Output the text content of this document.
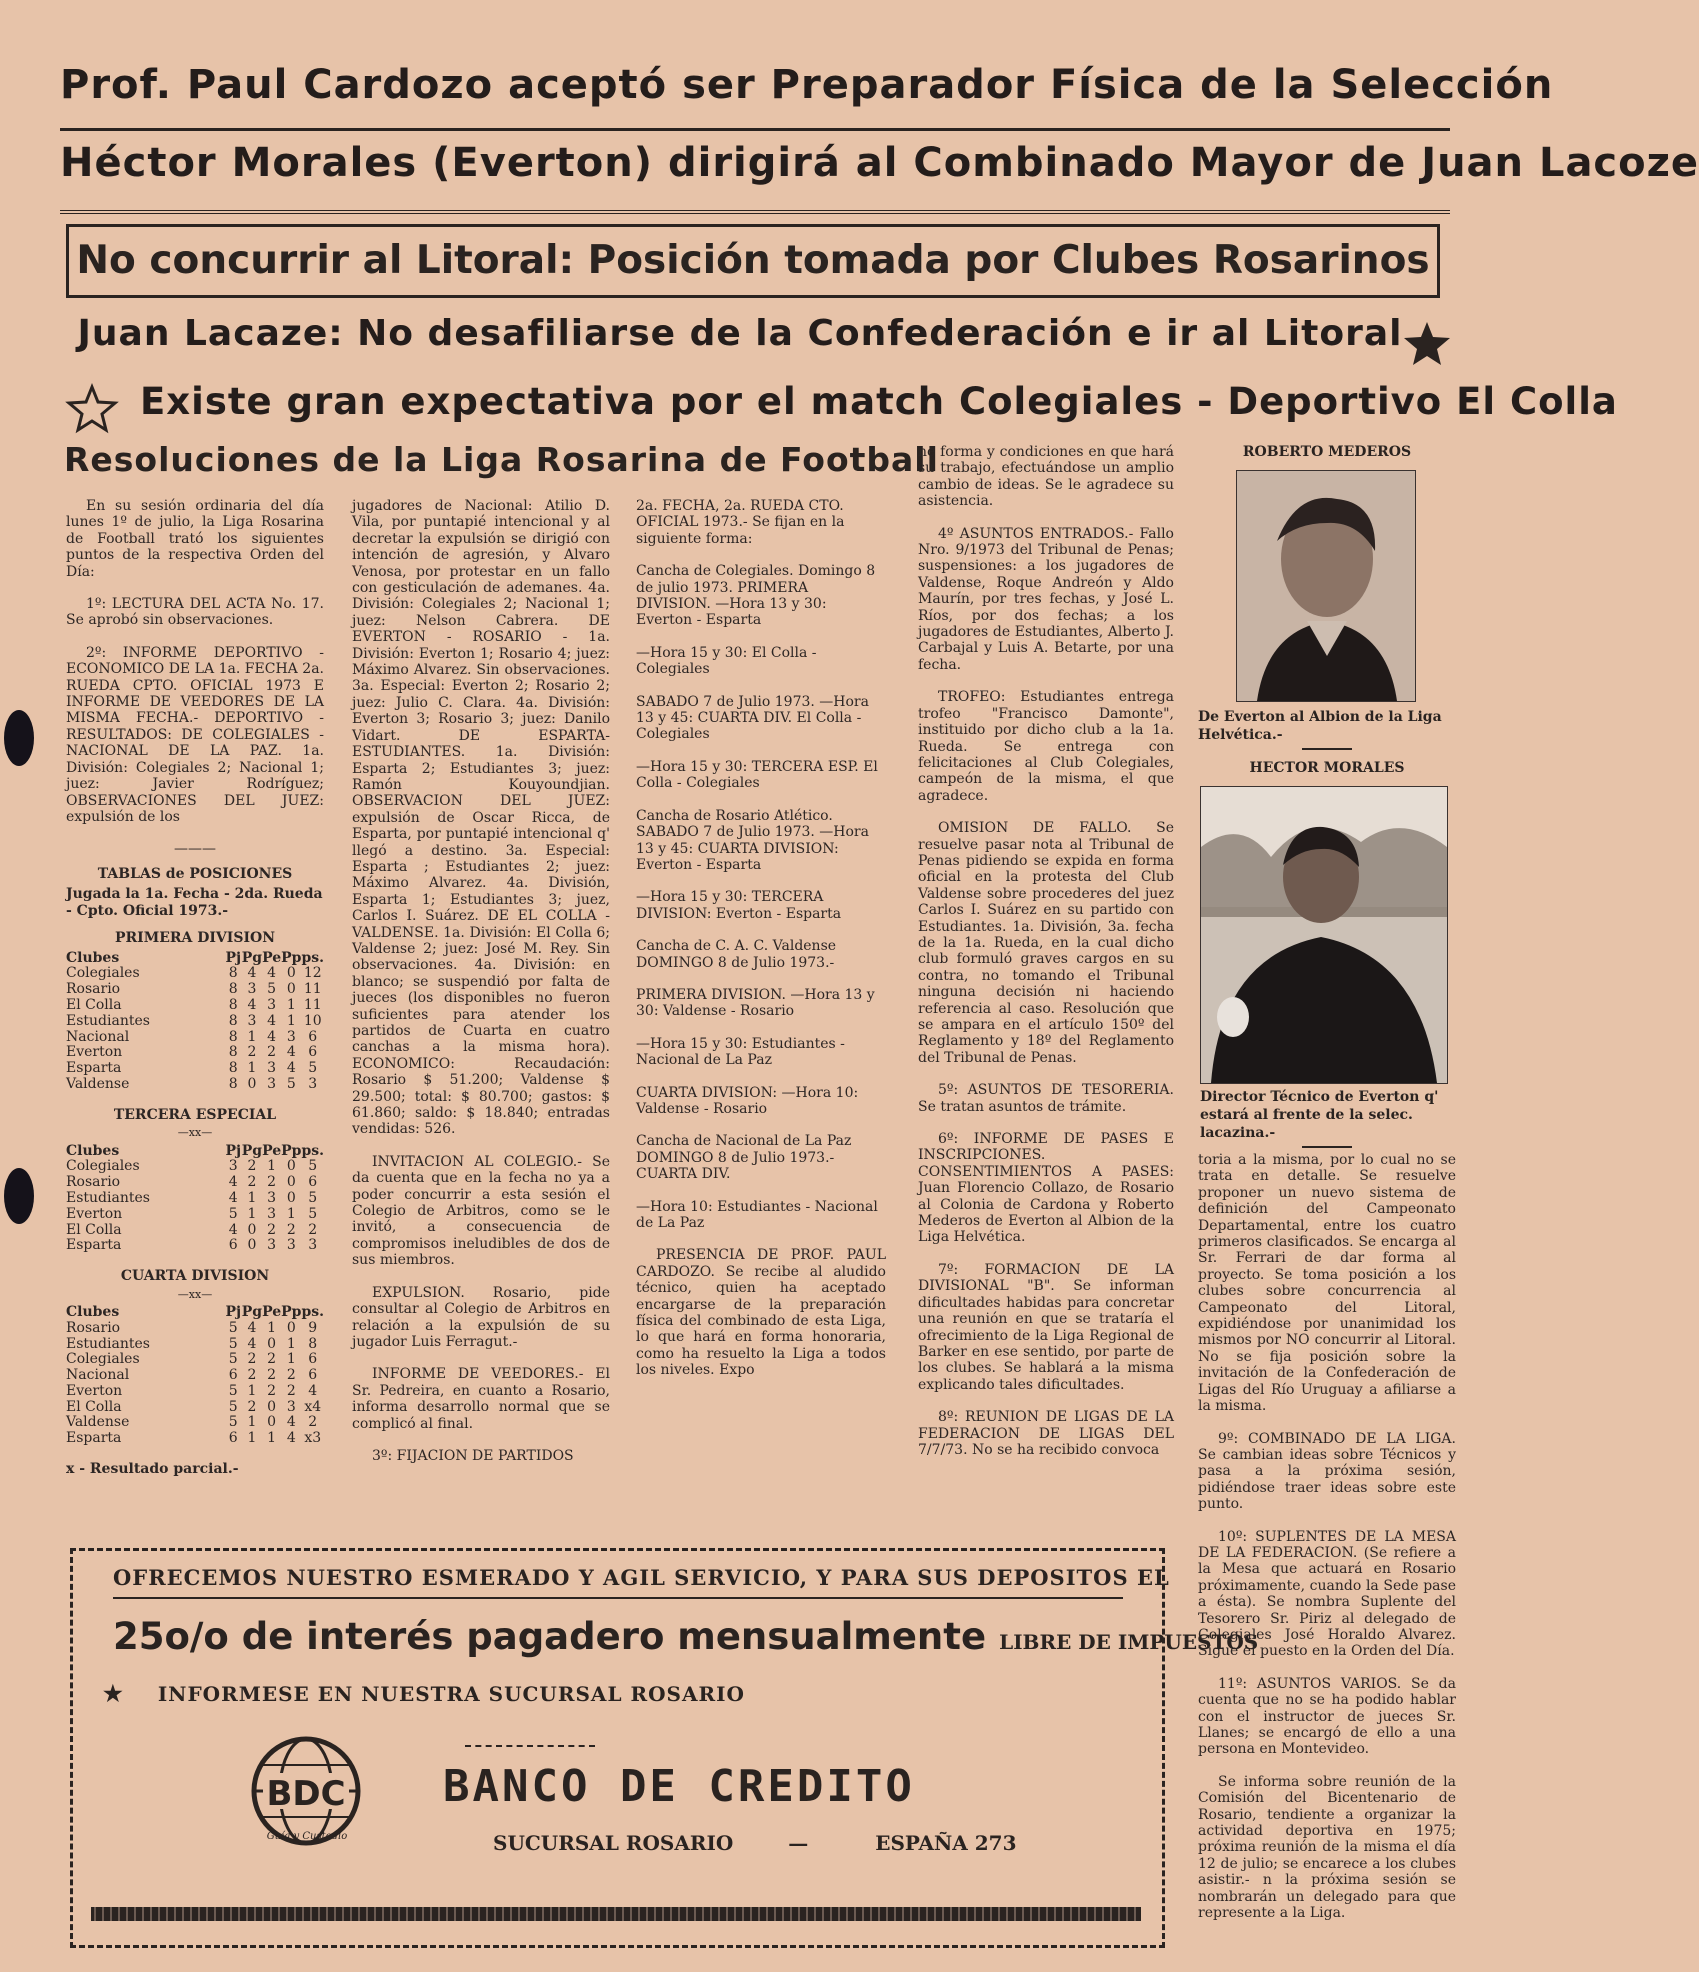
Prof. Paul Cardozo aceptó ser Preparador Física de la Selección
Héctor Morales (Everton) dirigirá al Combinado Mayor de Juan Lacoze
No concurrir al Litoral: Posición tomada por Clubes Rosarinos
Juan Lacaze: No desafiliarse de la Confederación e ir al Litoral
Existe gran expectativa por el match Colegiales - Deportivo El Colla
Resoluciones de la Liga Rosarina de Football

En su sesión ordinaria del día lunes 1º de julio, la Liga Rosarina de Football trató los siguientes puntos de la respectiva Orden del Día:

1º: LECTURA DEL ACTA No. 17. Se aprobó sin observaciones.

2º: INFORME DEPORTIVO - ECONOMICO DE LA 1a. FECHA 2a. RUEDA CPTO. OFICIAL 1973 E INFORME DE VEEDORES DE LA MISMA FECHA.- DEPORTIVO - RESULTADOS: DE COLEGIALES - NACIONAL DE LA PAZ. 1a. División: Colegiales 2; Nacional 1; juez: Javier Rodríguez; OBSERVACIONES DEL JUEZ: expulsión de los

———
TABLAS de POSICIONES
Jugada la 1a. Fecha - 2da. Rueda - Cpto. Oficial 1973.-
PRIMERA DIVISION
Clubes	Pj	Pg	Pe	Pp	ps.
Colegiales	8	4	4	0	12
Rosario	8	3	5	0	11
El Colla	8	4	3	1	11
Estudiantes	8	3	4	1	10
Nacional	8	1	4	3	6
Everton	8	2	2	4	6
Esparta	8	1	3	4	5
Valdense	8	0	3	5	3
TERCERA ESPECIAL
—xx—
Clubes	Pj	Pg	Pe	Pp	ps.
Colegiales	3	2	1	0	5
Rosario	4	2	2	0	6
Estudiantes	4	1	3	0	5
Everton	5	1	3	1	5
El Colla	4	0	2	2	2
Esparta	6	0	3	3	3
CUARTA DIVISION
—xx—
Clubes	Pj	Pg	Pe	Pp	ps.
Rosario	5	4	1	0	9
Estudiantes	5	4	0	1	8
Colegiales	5	2	2	1	6
Nacional	6	2	2	2	6
Everton	5	1	2	2	4
El Colla	5	2	0	3	x4
Valdense	5	1	0	4	2
Esparta	6	1	1	4	x3
x - Resultado parcial.-

jugadores de Nacional: Atilio D. Vila, por puntapié intencional y al decretar la expulsión se dirigió con intención de agresión, y Alvaro Venosa, por protestar en un fallo con gesticulación de ademanes. 4a. División: Colegiales 2; Nacional 1; juez: Nelson Cabrera. DE EVERTON - ROSARIO - 1a. División: Everton 1; Rosario 4; juez: Máximo Alvarez. Sin observaciones. 3a. Especial: Everton 2; Rosario 2; juez: Julio C. Clara. 4a. División: Everton 3; Rosario 3; juez: Danilo Vidart. DE ESPARTA- ESTUDIANTES. 1a. División: Esparta 2; Estudiantes 3; juez: Ramón Kouyoundjian. OBSERVACION DEL JUEZ: expulsión de Oscar Ricca, de Esparta, por puntapié intencional q' llegó a destino. 3a. Especial: Esparta ; Estudiantes 2; juez: Máximo Alvarez. 4a. División, Esparta 1; Estudiantes 3; juez, Carlos I. Suárez. DE EL COLLA - VALDENSE. 1a. División: El Colla 6; Valdense 2; juez: José M. Rey. Sin observaciones. 4a. División: en blanco; se suspendió por falta de jueces (los disponibles no fueron suficientes para atender los partidos de Cuarta en cuatro canchas a la misma hora). ECONOMICO: Recaudación: Rosario $ 51.200; Valdense $ 29.500; total: $ 80.700; gastos: $ 61.860; saldo: $ 18.840; entradas vendidas: 526.

INVITACION AL COLEGIO.- Se da cuenta que en la fecha no ya a poder concurrir a esta sesión el Colegio de Arbitros, como se le invitó, a consecuencia de compromisos ineludibles de dos de sus miembros.

EXPULSION. Rosario, pide consultar al Colegio de Arbitros en relación a la expulsión de su jugador Luis Ferragut.-

INFORME DE VEEDORES.- El Sr. Pedreira, en cuanto a Rosario, informa desarrollo normal que se complicó al final.

3º: FIJACION DE PARTIDOS

2a. FECHA, 2a. RUEDA CTO. OFICIAL 1973.- Se fijan en la siguiente forma:

Cancha de Colegiales. Domingo 8 de julio 1973. PRIMERA DIVISION. —Hora 13 y 30: Everton - Esparta

—Hora 15 y 30: El Colla - Colegiales

SABADO 7 de Julio 1973. —Hora 13 y 45: CUARTA DIV. El Colla - Colegiales

—Hora 15 y 30: TERCERA ESP. El Colla - Colegiales

Cancha de Rosario Atlético. SABADO 7 de Julio 1973. —Hora 13 y 45: CUARTA DIVISION: Everton - Esparta

—Hora 15 y 30: TERCERA DIVISION: Everton - Esparta

Cancha de C. A. C. Valdense DOMINGO 8 de Julio 1973.-

PRIMERA DIVISION. —Hora 13 y 30: Valdense - Rosario

—Hora 15 y 30: Estudiantes - Nacional de La Paz

CUARTA DIVISION: —Hora 10: Valdense - Rosario

Cancha de Nacional de La Paz DOMINGO 8 de Julio 1973.- CUARTA DIV.

—Hora 10: Estudiantes - Nacional de La Paz

PRESENCIA DE PROF. PAUL CARDOZO. Se recibe al aludido técnico, quien ha aceptado encargarse de la preparación física del combinado de esta Liga, lo que hará en forma honoraria, como ha resuelto la Liga a todos los niveles. Expo

ne forma y condiciones en que hará su trabajo, efectuándose un amplio cambio de ideas. Se le agradece su asistencia.

4º ASUNTOS ENTRADOS.- Fallo Nro. 9/1973 del Tribunal de Penas; suspensiones: a los jugadores de Valdense, Roque Andreón y Aldo Maurín, por tres fechas, y José L. Ríos, por dos fechas; a los jugadores de Estudiantes, Alberto J. Carbajal y Luis A. Betarte, por una fecha.

TROFEO: Estudiantes entrega trofeo "Francisco Damonte", instituido por dicho club a la 1a. Rueda. Se entrega con felicitaciones al Club Colegiales, campeón de la misma, el que agradece.

OMISION DE FALLO. Se resuelve pasar nota al Tribunal de Penas pidiendo se expida en forma oficial en la protesta del Club Valdense sobre procederes del juez Carlos I. Suárez en su partido con Estudiantes. 1a. División, 3a. fecha de la 1a. Rueda, en la cual dicho club formuló graves cargos en su contra, no tomando el Tribunal ninguna decisión ni haciendo referencia al caso. Resolución que se ampara en el artículo 150º del Reglamento y 18º del Reglamento del Tribunal de Penas.

5º: ASUNTOS DE TESORERIA. Se tratan asuntos de trámite.

6º: INFORME DE PASES E INSCRIPCIONES. CONSENTIMIENTOS A PASES: Juan Florencio Collazo, de Rosario al Colonia de Cardona y Roberto Mederos de Everton al Albion de la Liga Helvética.

7º: FORMACION DE LA DIVISIONAL "B". Se informan dificultades habidas para concretar una reunión en que se trataría el ofrecimiento de la Liga Regional de Barker en ese sentido, por parte de los clubes. Se hablará a la misma explicando tales dificultades.

8º: REUNION DE LIGAS DE LA FEDERACION DE LIGAS DEL 7/7/73. No se ha recibido convoca

ROBERTO MEDEROS
De Everton al Albion de la Liga Helvética.-
HECTOR MORALES
Director Técnico de Everton q' estará al frente de la selec. lacazina.-

toria a la misma, por lo cual no se trata en detalle. Se resuelve proponer un nuevo sistema de definición del Campeonato Departamental, entre los cuatro primeros clasificados. Se encarga al Sr. Ferrari de dar forma al proyecto. Se toma posición a los clubes sobre concurrencia al Campeonato del Litoral, expidiéndose por unanimidad los mismos por NO concurrir al Litoral. No se fija posición sobre la invitación de la Confederación de Ligas del Río Uruguay a afiliarse a la misma.

9º: COMBINADO DE LA LIGA. Se cambian ideas sobre Técnicos y pasa a la próxima sesión, pidiéndose traer ideas sobre este punto.

10º: SUPLENTES DE LA MESA DE LA FEDERACION. (Se refiere a la Mesa que actuará en Rosario próximamente, cuando la Sede pase a ésta). Se nombra Suplente del Tesorero Sr. Piriz al delegado de Colegiales José Horaldo Alvarez. Sigue el puesto en la Orden del Día.

11º: ASUNTOS VARIOS. Se da cuenta que no se ha podido hablar con el instructor de jueces Sr. Llanes; se encargó de ello a una persona en Montevideo.

Se informa sobre reunión de la Comisión del Bicentenario de Rosario, tendiente a organizar la actividad deportiva en 1975; próxima reunión de la misma el día 12 de julio; se encarece a los clubes asistir.- n la próxima sesión se nombrarán un delegado para que represente a la Liga.

OFRECEMOS NUESTRO ESMERADO Y AGIL SERVICIO, Y PARA SUS DEPOSITOS EL
25o/o de interés pagadero mensualmente LIBRE DE IMPUESTOS
★ INFORMESE EN NUESTRA SUCURSAL ROSARIO
BDC
Guía y Custodio
BANCO DE CREDITO
SUCURSAL ROSARIO	—	ESPAÑA 273
